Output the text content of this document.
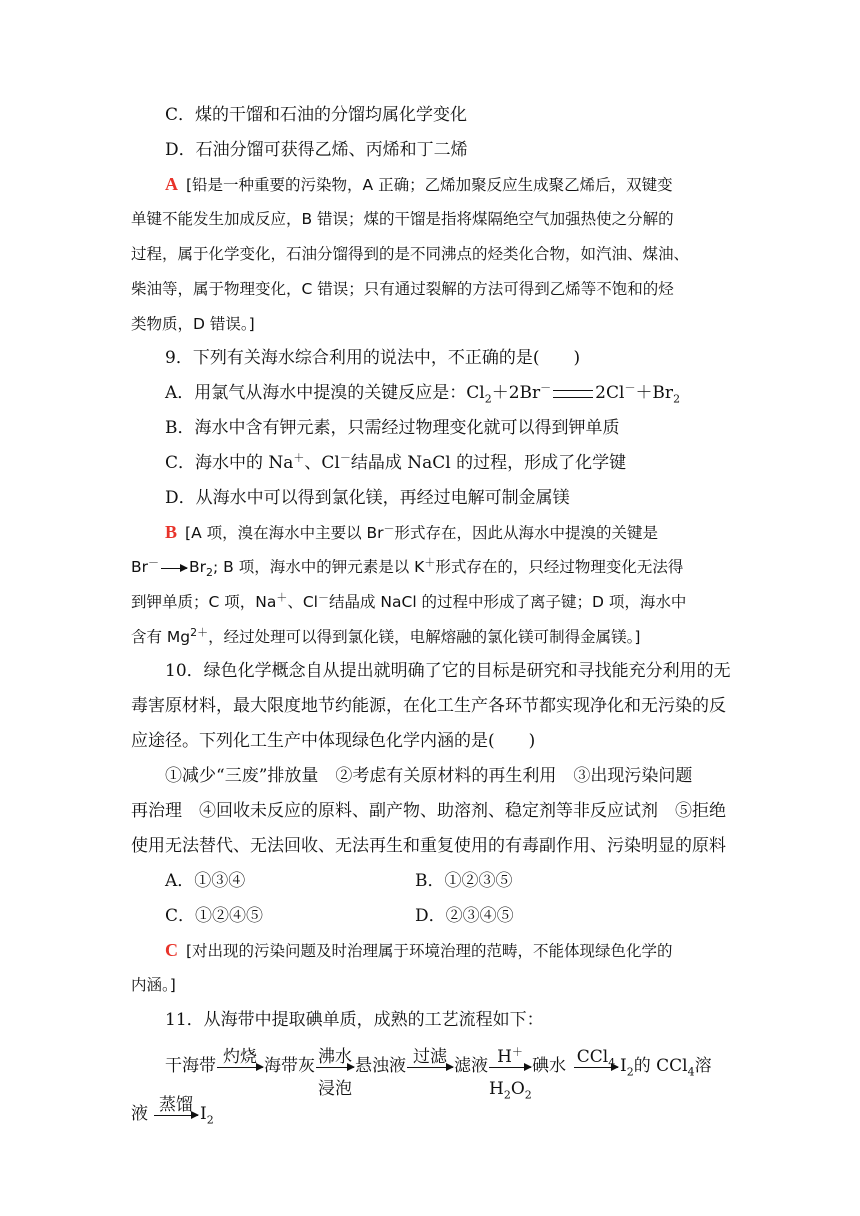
C．煤的干馏和石油的分馏均属化学变化
D．石油分馏可获得乙烯、丙烯和丁二烯
A [铅是一种重要的污染物，A 正确；乙烯加聚反应生成聚乙烯后，双键变
单键不能发生加成反应，B 错误；煤的干馏是指将煤隔绝空气加强热使之分解的
过程，属于化学变化，石油分馏得到的是不同沸点的烃类化合物，如汽油、煤油、
柴油等，属于物理变化，C 错误；只有通过裂解的方法可得到乙烯等不饱和的烃
类物质，D 错误。]
9．下列有关海水综合利用的说法中，不正确的是(　　)
A．用氯气从海水中提溴的关键反应是：$Cl_2+2Br^-$	$2Cl^-+Br_2$
B．海水中含有钾元素，只需经过物理变化就可以得到钾单质
C．海水中的 Na＋、Cl－结晶成 NaCl 的过程，形成了化学键
D．从海水中可以得到氯化镁，再经过电解可制金属镁
B [A 项，溴在海水中主要以 Br－形式存在，因此从海水中提溴的关键是
$Br^- \to Br_2$; B 项，海水中的钾元素是以 K＋形式存在的，只经过物理变化无法得
到钾单质；C 项，Na＋、Cl－结晶成 NaCl 的过程中形成了离子键；D 项，海水中
含有 $Mg^{2+}$，经过处理可以得到氯化镁，电解熔融的氯化镁可制得金属镁。]
10．绿色化学概念自从提出就明确了它的目标是研究和寻找能充分利用的无
毒害原材料，最大限度地节约能源，在化工生产各环节都实现净化和无污染的反
应途径。下列化工生产中体现绿色化学内涵的是(　　)
①减少“三废”排放量　②考虑有关原材料的再生利用　③出现污染问题
再治理　④回收未反应的原料、副产物、助溶剂、稳定剂等非反应试剂　⑤拒绝
使用无法替代、无法回收、无法再生和重复使用的有毒副作用、污染明显的原料
A．①③④	B．①②③⑤
C．①②④⑤	D．②③④⑤
C [对出现的污染问题及时治理属于环境治理的范畴，不能体现绿色化学的
内涵。]
11．从海带中提取碘单质，成熟的工艺流程如下：
干海带 灼烧 海带灰 沸水
浸泡
悬浊液 过滤 滤液 $\frac{H^+}{H_2O_2}$ 碘水 CCl$_4$ $I_2$的 CCl$_4$溶
液 蒸馏 $I_2$
